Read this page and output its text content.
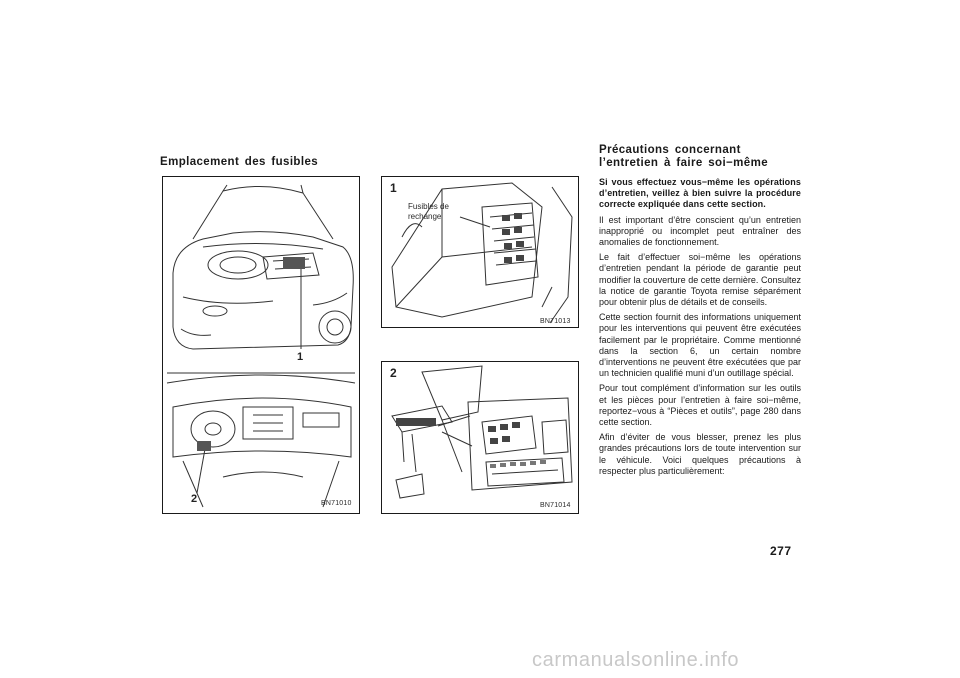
Emplacement des fusibles
Précautions concernant
l’entretien à faire soi−même
1
2	BN71010
1
Fusibles de
rechange
BN71013
2
BN71014

Si vous effectuez vous−même les opérations d’entretien, veillez à bien suivre la procédure correcte expliquée dans cette section.

Il est important d’être conscient qu’un entretien inapproprié ou incomplet peut entraîner des anomalies de fonctionnement.

Le fait d’effectuer soi−même les opérations d’entretien pendant la période de garantie peut modifier la couverture de cette dernière. Consultez la notice de garantie Toyota remise séparément pour obtenir plus de détails et de conseils.

Cette section fournit des informations uniquement pour les interventions qui peuvent être exécutées facilement par le propriétaire. Comme mentionné dans la section 6, un certain nombre d’interventions ne peuvent être exécutées que par un technicien qualifié muni d’un outillage spécial.

Pour tout complément d’information sur les outils et les pièces pour l’entretien à faire soi−même, reportez−vous à “Pièces et outils”, page 280 dans cette section.

Afin d’éviter de vous blesser, prenez les plus grandes précautions lors de toute intervention sur le véhicule. Voici quelques précautions à respecter plus particulièrement:

277
carmanualsonline.info
